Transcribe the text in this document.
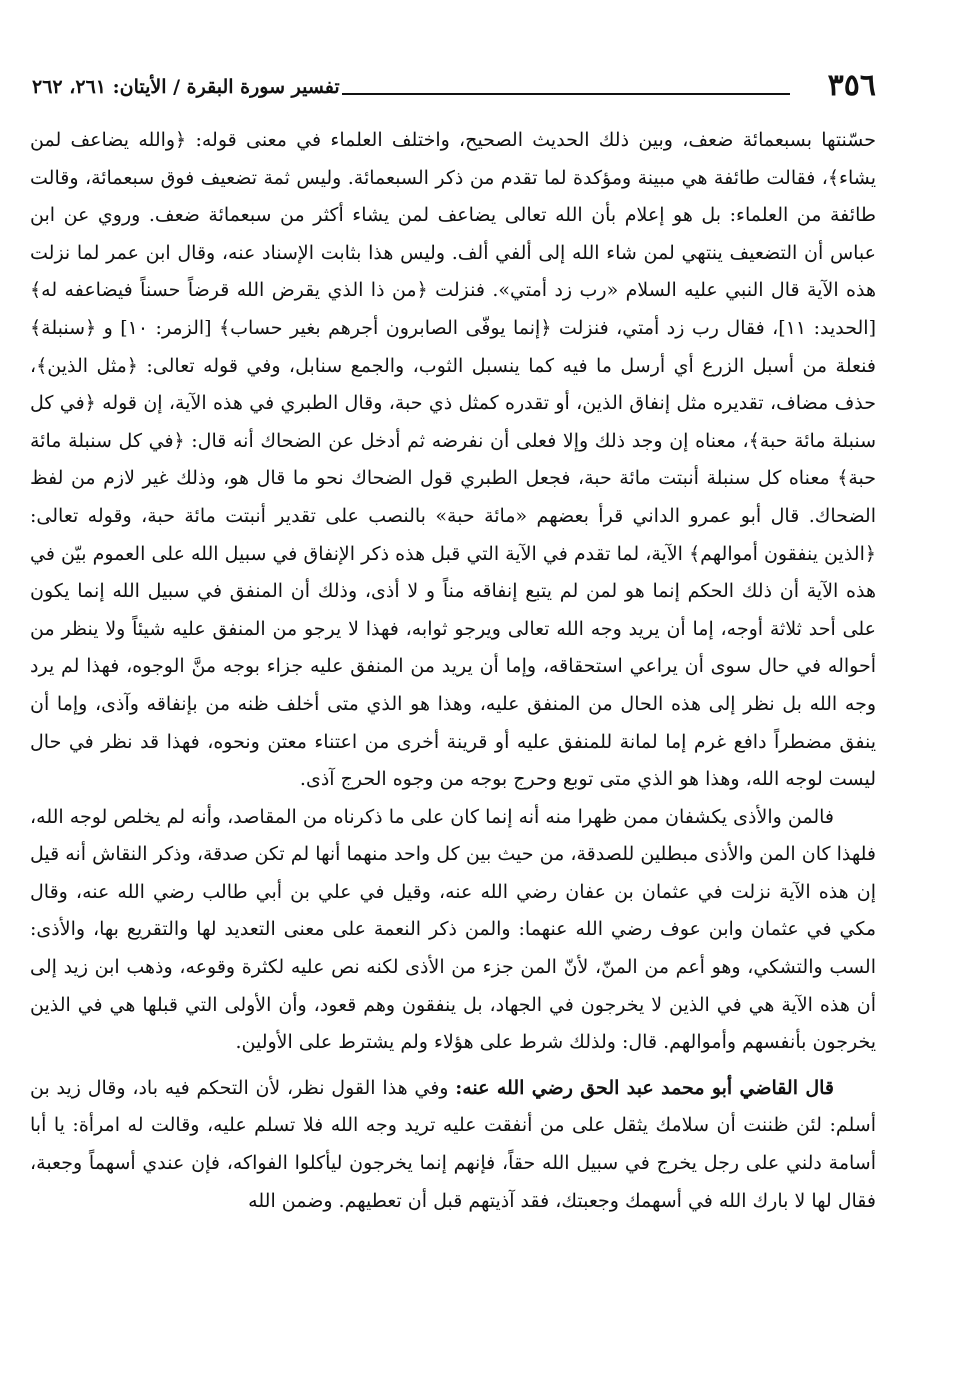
٣٥٦
تفسير سورة البقرة / الأيتان: ٢٦١، ٢٦٢

حسّنتها بسبعمائة ضعف، وبين ذلك الحديث الصحيح، واختلف العلماء في معنى قوله: ﴿والله يضاعف لمن يشاء﴾، فقالت طائفة هي مبينة ومؤكدة لما تقدم من ذكر السبعمائة. وليس ثمة تضعيف فوق سبعمائة، وقالت طائفة من العلماء: بل هو إعلام بأن الله تعالى يضاعف لمن يشاء أكثر من سبعمائة ضعف. وروي عن ابن عباس أن التضعيف ينتهي لمن شاء الله إلى ألفي ألف. وليس هذا بثابت الإسناد عنه، وقال ابن عمر لما نزلت هذه الآية قال النبي عليه السلام «رب زد أمتي». فنزلت ﴿من ذا الذي يقرض الله قرضاً حسناً فيضاعفه له﴾ [الحديد: ١١]، فقال رب زد أمتي، فنزلت ﴿إنما يوفّى الصابرون أجرهم بغير حساب﴾ [الزمر: ١٠] و ﴿سنبلة﴾ فنعلة من أسبل الزرع أي أرسل ما فيه كما ينسبل الثوب، والجمع سنابل، وفي قوله تعالى: ﴿مثل الذين﴾، حذف مضاف، تقديره مثل إنفاق الذين، أو تقدره كمثل ذي حبة، وقال الطبري في هذه الآية، إن قوله ﴿في كل سنبلة مائة حبة﴾، معناه إن وجد ذلك وإلا فعلى أن نفرضه ثم أدخل عن الضحاك أنه قال: ﴿في كل سنبلة مائة حبة﴾ معناه كل سنبلة أنبتت مائة حبة، فجعل الطبري قول الضحاك نحو ما قال هو، وذلك غير لازم من لفظ الضحاك. قال أبو عمرو الداني قرأ بعضهم «مائة حبة» بالنصب على تقدير أنبتت مائة حبة، وقوله تعالى: ﴿الذين ينفقون أموالهم﴾ الآية، لما تقدم في الآية التي قبل هذه ذكر الإنفاق في سبيل الله على العموم بيّن في هذه الآية أن ذلك الحكم إنما هو لمن لم يتبع إنفاقه مناً و لا أذى، وذلك أن المنفق في سبيل الله إنما يكون على أحد ثلاثة أوجه، إما أن يريد وجه الله تعالى ويرجو ثوابه، فهذا لا يرجو من المنفق عليه شيئاً ولا ينظر من أحواله في حال سوى أن يراعي استحقاقه، وإما أن يريد من المنفق عليه جزاء بوجه منَّ الوجوه، فهذا لم يرد وجه الله بل نظر إلى هذه الحال من المنفق عليه، وهذا هو الذي متى أخلف ظنه من بإنفاقه وآذى، وإما أن ينفق مضطراً دافع غرم إما لمانة للمنفق عليه أو قرينة أخرى من اعتناء معتن ونحوه، فهذا قد نظر في حال ليست لوجه الله، وهذا هو الذي متى توبع وحرج بوجه من وجوه الحرج آذى.

فالمن والأذى يكشفان ممن ظهرا منه أنه إنما كان على ما ذكرناه من المقاصد، وأنه لم يخلص لوجه الله، فلهذا كان المن والأذى مبطلين للصدقة، من حيث بين كل واحد منهما أنها لم تكن صدقة، وذكر النقاش أنه قيل إن هذه الآية نزلت في عثمان بن عفان رضي الله عنه، وقيل في علي بن أبي طالب رضي الله عنه، وقال مكي في عثمان وابن عوف رضي الله عنهما: والمن ذكر النعمة على معنى التعديد لها والتقريع بها، والأذى: السب والتشكي، وهو أعم من المنّ، لأنّ المن جزء من الأذى لكنه نص عليه لكثرة وقوعه، وذهب ابن زيد إلى أن هذه الآية هي في الذين لا يخرجون في الجهاد، بل ينفقون وهم قعود، وأن الأولى التي قبلها هي في الذين يخرجون بأنفسهم وأموالهم. قال: ولذلك شرط على هؤلاء ولم يشترط على الأولين.

قال القاضي أبو محمد عبد الحق رضي الله عنه: وفي هذا القول نظر، لأن التحكم فيه باد، وقال زيد بن أسلم: لئن ظننت أن سلامك يثقل على من أنفقت عليه تريد وجه الله فلا تسلم عليه، وقالت له امرأة: يا أبا أسامة دلني على رجل يخرج في سبيل الله حقاً، فإنهم إنما يخرجون ليأكلوا الفواكه، فإن عندي أسهماً وجعبة، فقال لها لا بارك الله في أسهمك وجعبتك، فقد آذيتهم قبل أن تعطيهم. وضمن الله
